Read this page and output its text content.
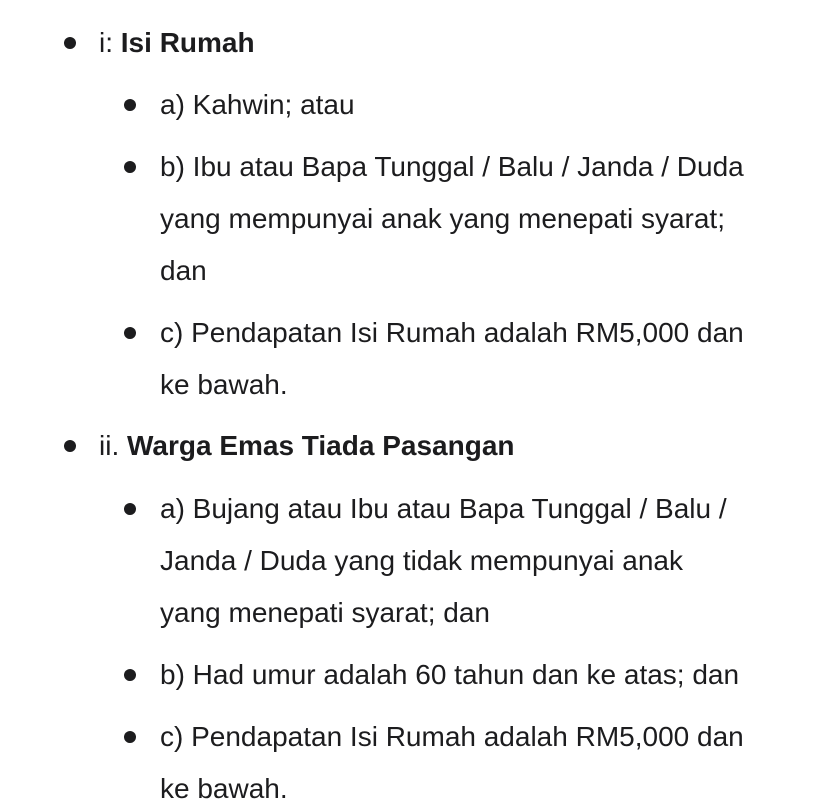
i: Isi Rumah
a) Kahwin; atau
b) Ibu atau Bapa Tunggal / Balu / Janda / Duda
yang mempunyai anak yang menepati syarat;
dan
c) Pendapatan Isi Rumah adalah RM5,000 dan
ke bawah.
ii. Warga Emas Tiada Pasangan
a) Bujang atau Ibu atau Bapa Tunggal / Balu /
Janda / Duda yang tidak mempunyai anak
yang menepati syarat; dan
b) Had umur adalah 60 tahun dan ke atas; dan
c) Pendapatan Isi Rumah adalah RM5,000 dan
ke bawah.
